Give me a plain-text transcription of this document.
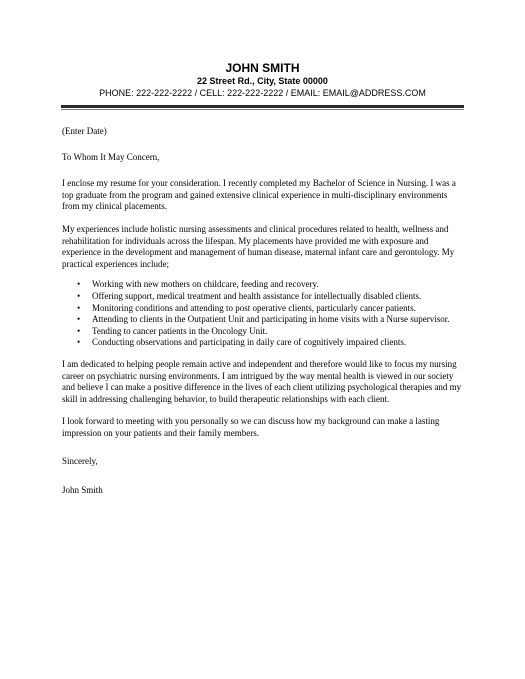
JOHN SMITH
22 Street Rd., City, State 00000
PHONE: 222-222-2222 / CELL: 222-222-2222 / EMAIL: EMAIL@ADDRESS.COM

(Enter Date)

To Whom It May Concern,

I enclose my resume for your consideration. I recently completed my Bachelor of Science in Nursing. I was a top graduate from the program and gained extensive clinical experience in multi-disciplinary environments from my clinical placements.

My experiences include holistic nursing assessments and clinical procedures related to health, wellness and rehabilitation for individuals across the lifespan. My placements have provided me with exposure and experience in the development and management of human disease, maternal infant care and gerontology. My practical experiences include;

• Working with new mothers on childcare, feeding and recovery.
• Offering support, medical treatment and health assistance for intellectually disabled clients.
• Monitoring conditions and attending to post operative clients, particularly cancer patients.
• Attending to clients in the Outpatient Unit and participating in home visits with a Nurse supervisor.
• Tending to cancer patients in the Oncology Unit.
• Conducting observations and participating in daily care of cognitively impaired clients.

I am dedicated to helping people remain active and independent and therefore would like to focus my nursing career on psychiatric nursing environments. I am intrigued by the way mental health is viewed in our society and believe I can make a positive difference in the lives of each client utilizing psychological therapies and my skill in addressing challenging behavior, to build therapeutic relationships with each client.

I look forward to meeting with you personally so we can discuss how my background can make a lasting impression on your patients and their family members.

Sincerely,

John Smith
